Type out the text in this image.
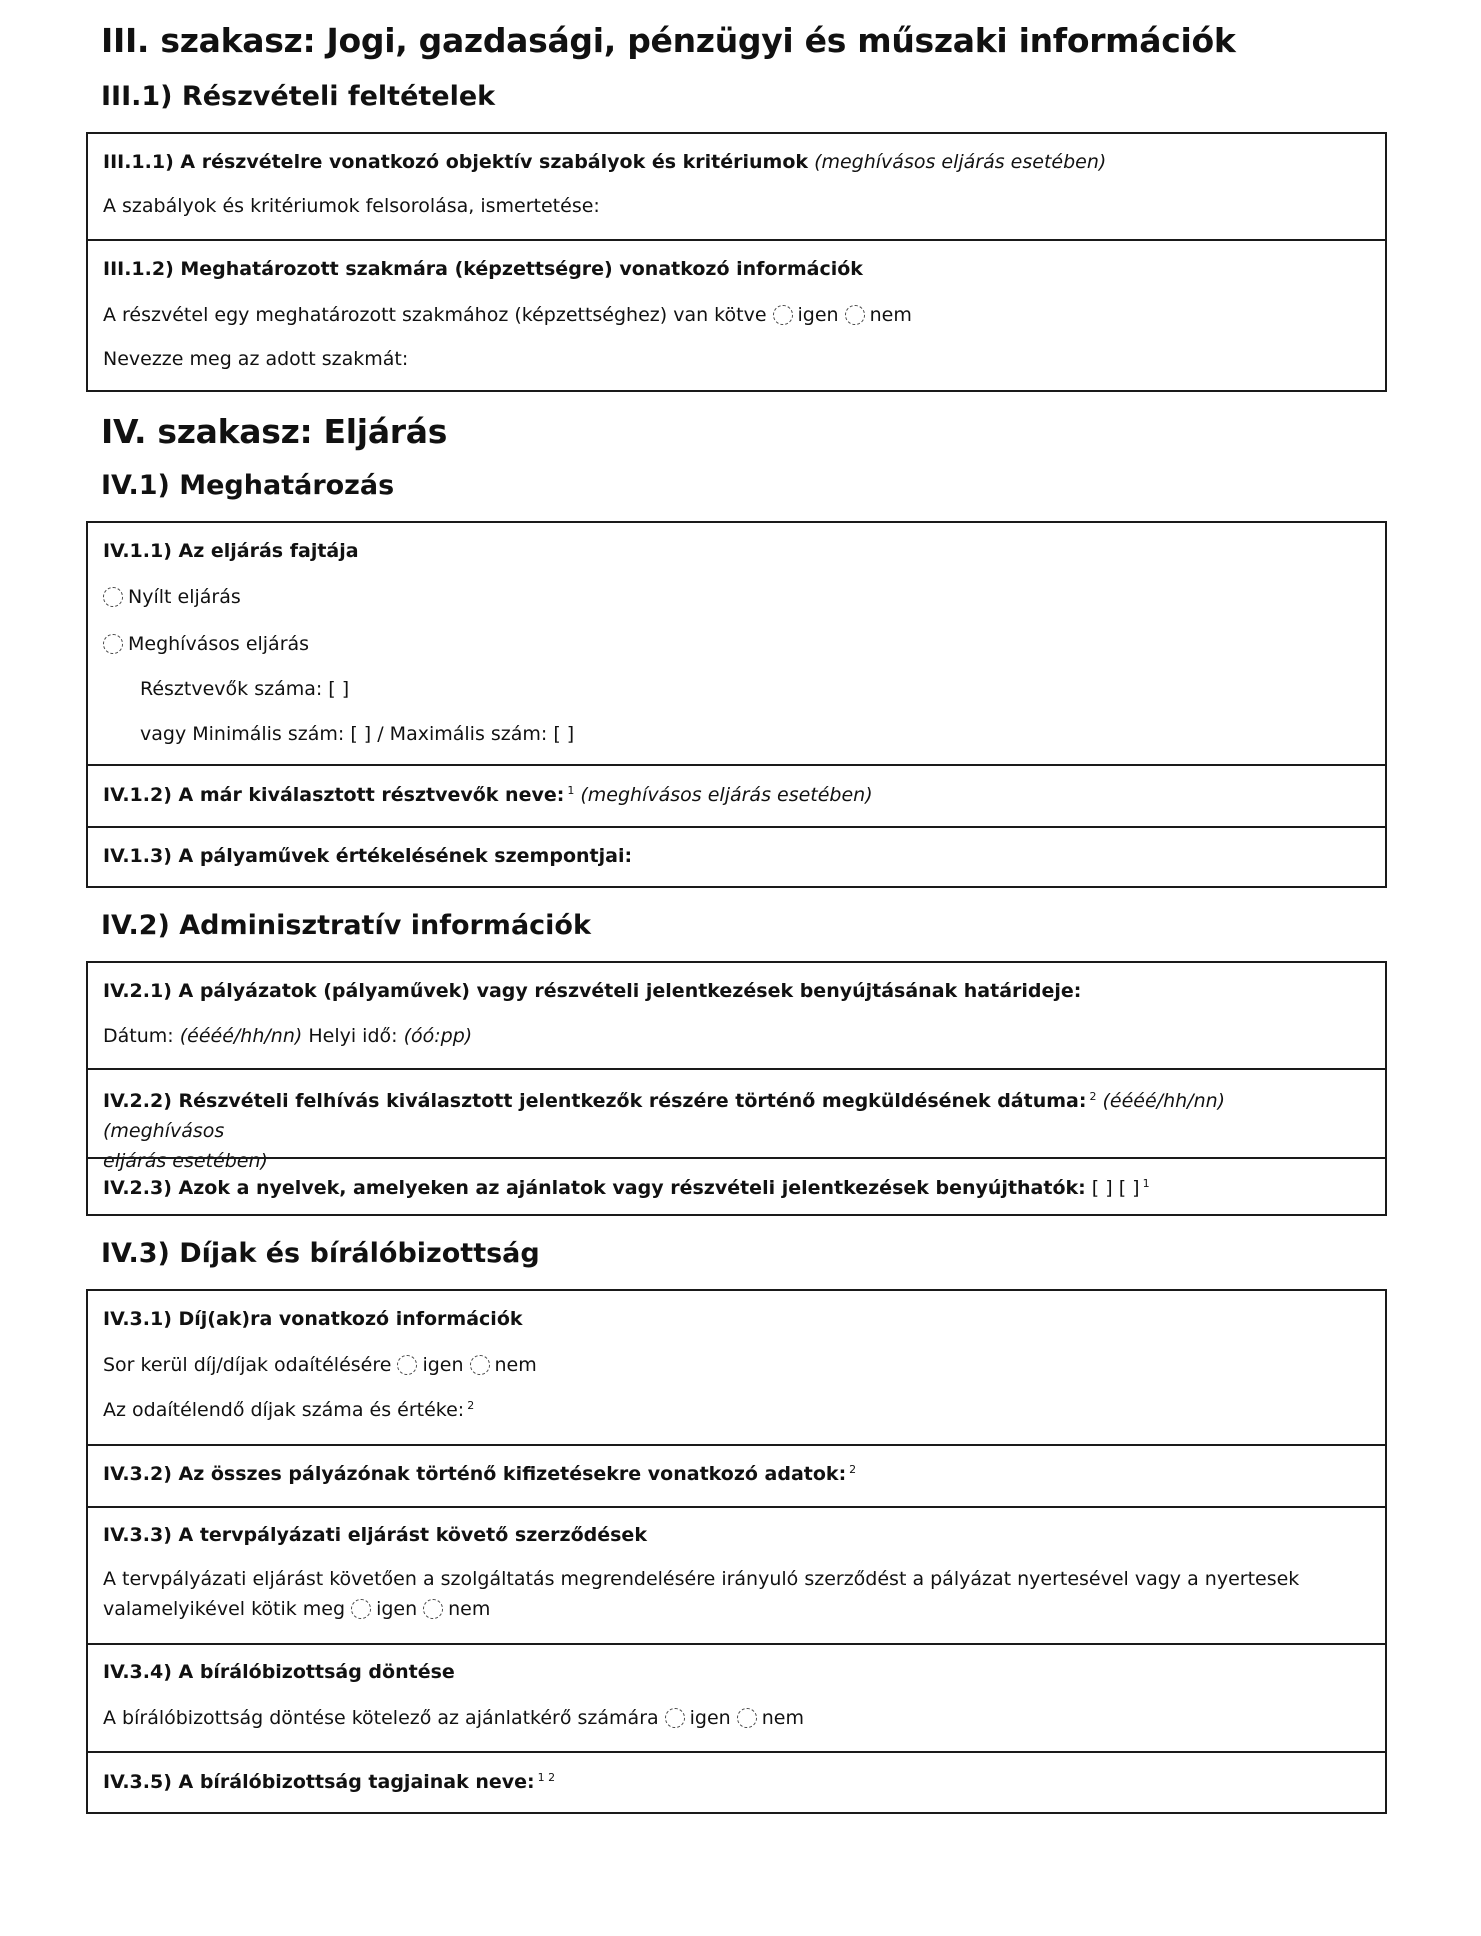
III. szakasz: Jogi, gazdasági, pénzügyi és műszaki információk
III.1) Részvételi feltételek
III.1.1) A részvételre vonatkozó objektív szabályok és kritériumok (meghívásos eljárás esetében)
A szabályok és kritériumok felsorolása, ismertetése:
III.1.2) Meghatározott szakmára (képzettségre) vonatkozó információk
A részvétel egy meghatározott szakmához (képzettséghez) van kötve igen nem
Nevezze meg az adott szakmát:
IV. szakasz: Eljárás
IV.1) Meghatározás
IV.1.1) Az eljárás fajtája
Nyílt eljárás
Meghívásos eljárás
Résztvevők száma: [ ]
vagy Minimális szám: [ ] / Maximális szám: [ ]
IV.1.2) A már kiválasztott résztvevők neve: $^1$ (meghívásos eljárás esetében)
IV.1.3) A pályaművek értékelésének szempontjai:
IV.2) Adminisztratív információk
IV.2.1) A pályázatok (pályaművek) vagy részvételi jelentkezések benyújtásának határideje:
Dátum: (éééé/hh/nn) Helyi idő: (óó:pp)
IV.2.2) Részvételi felhívás kiválasztott jelentkezők részére történő megküldésének dátuma: $^2$ (éééé/hh/nn) (meghívásos
eljárás esetében)
IV.2.3) Azok a nyelvek, amelyeken az ajánlatok vagy részvételi jelentkezések benyújthatók: [ ] [ ] $^1$
IV.3) Díjak és bírálóbizottság
IV.3.1) Díj(ak)ra vonatkozó információk
Sor kerül díj/díjak odaítélésére igen nem
Az odaítélendő díjak száma és értéke: $^2$
IV.3.2) Az összes pályázónak történő kifizetésekre vonatkozó adatok: $^2$
IV.3.3) A tervpályázati eljárást követő szerződések
A tervpályázati eljárást követően a szolgáltatás megrendelésére irányuló szerződést a pályázat nyertesével vagy a nyertesek
valamelyikével kötik meg igen nem
IV.3.4) A bírálóbizottság döntése
A bírálóbizottság döntése kötelező az ajánlatkérő számára igen nem
IV.3.5) A bírálóbizottság tagjainak neve: $^{1 2}$
